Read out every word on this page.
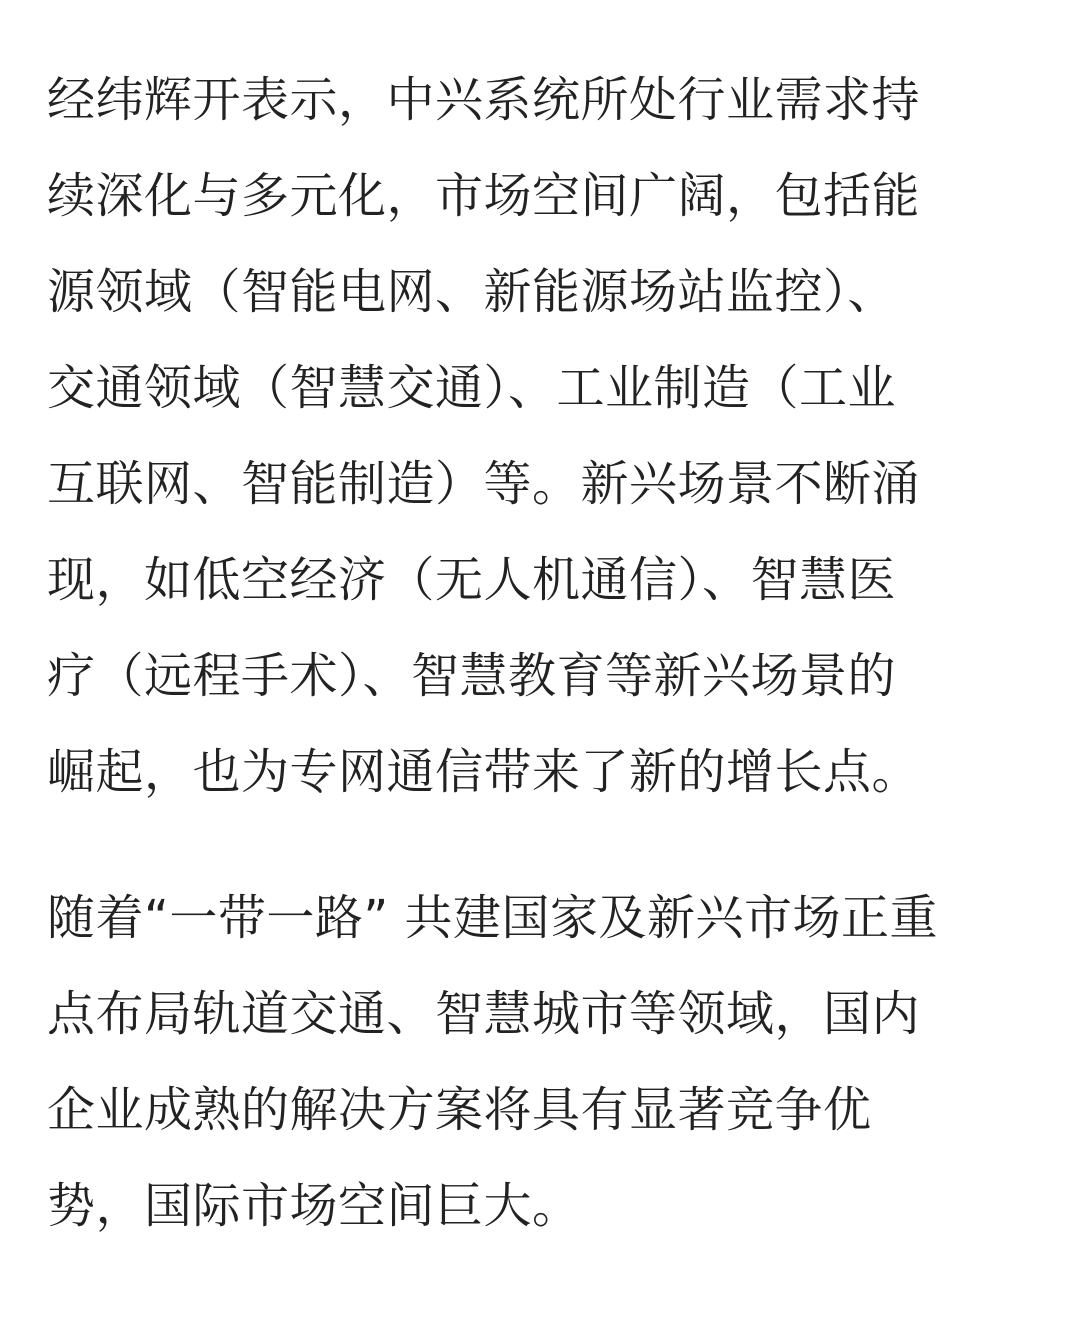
经纬辉开表示，中兴系统所处行业需求持
续深化与多元化，市场空间广阔，包括能
源领域（智能电网、新能源场站监控）、
交通领域（智慧交通）、工业制造（工业
互联网、智能制造）等。新兴场景不断涌
现，如低空经济（无人机通信）、智慧医
疗（远程手术）、智慧教育等新兴场景的
崛起，也为专网通信带来了新的增长点。

随着“一带一路” 共建国家及新兴市场正重
点布局轨道交通、智慧城市等领域，国内
企业成熟的解决方案将具有显著竞争优
势，国际市场空间巨大。
